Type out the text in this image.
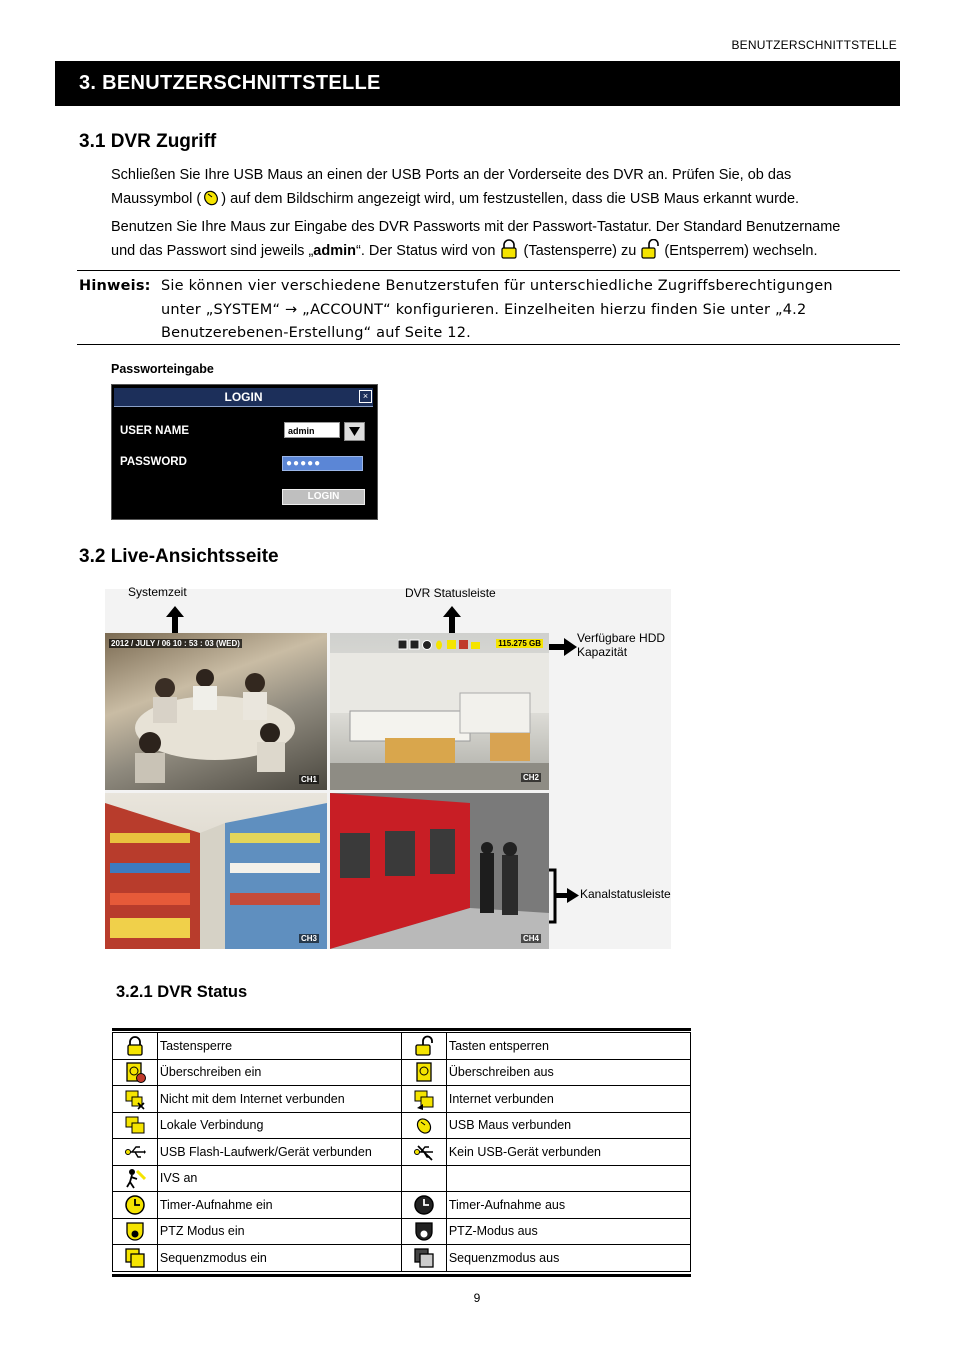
BENUTZERSCHNITTSTELLE
3. BENUTZERSCHNITTSTELLE
3.1 DVR Zugriff
Schließen Sie Ihre USB Maus an einen der USB Ports an der Vorderseite des DVR an. Prüfen Sie, ob das
Maussymbol ( ) auf dem Bildschirm angezeigt wird, um festzustellen, dass die USB Maus erkannt wurde.
Benutzen Sie Ihre Maus zur Eingabe des DVR Passworts mit der Passwort-Tastatur. Der Standard Benutzername
und das Passwort sind jeweils „admin“. Der Status wird von (Tastensperre) zu (Entsperrem) wechseln.
Hinweis: Sie können vier verschiedene Benutzerstufen für unterschiedliche Zugriffsberechtigungen
unter „SYSTEM“ → „ACCOUNT“ konfigurieren. Einzelheiten hierzu finden Sie unter „4.2
Benutzerebenen-Erstellung“ auf Seite 12.
Passworteingabe
LOGIN	×
USER NAME	admin
PASSWORD	●●●●●
LOGIN
3.2 Live-Ansichtsseite
Systemzeit	DVR Statusleiste
Verfügbare HDD
Kapazität
Kanalstatusleiste
2012 / JULY / 06 10 : 53 : 03 (WED)
CH1
115.275 GB
CH2
CH3	CH4
3.2.1 DVR Status
	Tastensperre		Tasten entsperren
	Überschreiben ein		Überschreiben aus
	Nicht mit dem Internet verbunden		Internet verbunden
	Lokale Verbindung		USB Maus verbunden
	USB Flash-Laufwerk/Gerät verbunden		Kein USB-Gerät verbunden
	IVS an		
	Timer-Aufnahme ein		Timer-Aufnahme aus
	PTZ Modus ein		PTZ-Modus aus
	Sequenzmodus ein		Sequenzmodus aus
9
